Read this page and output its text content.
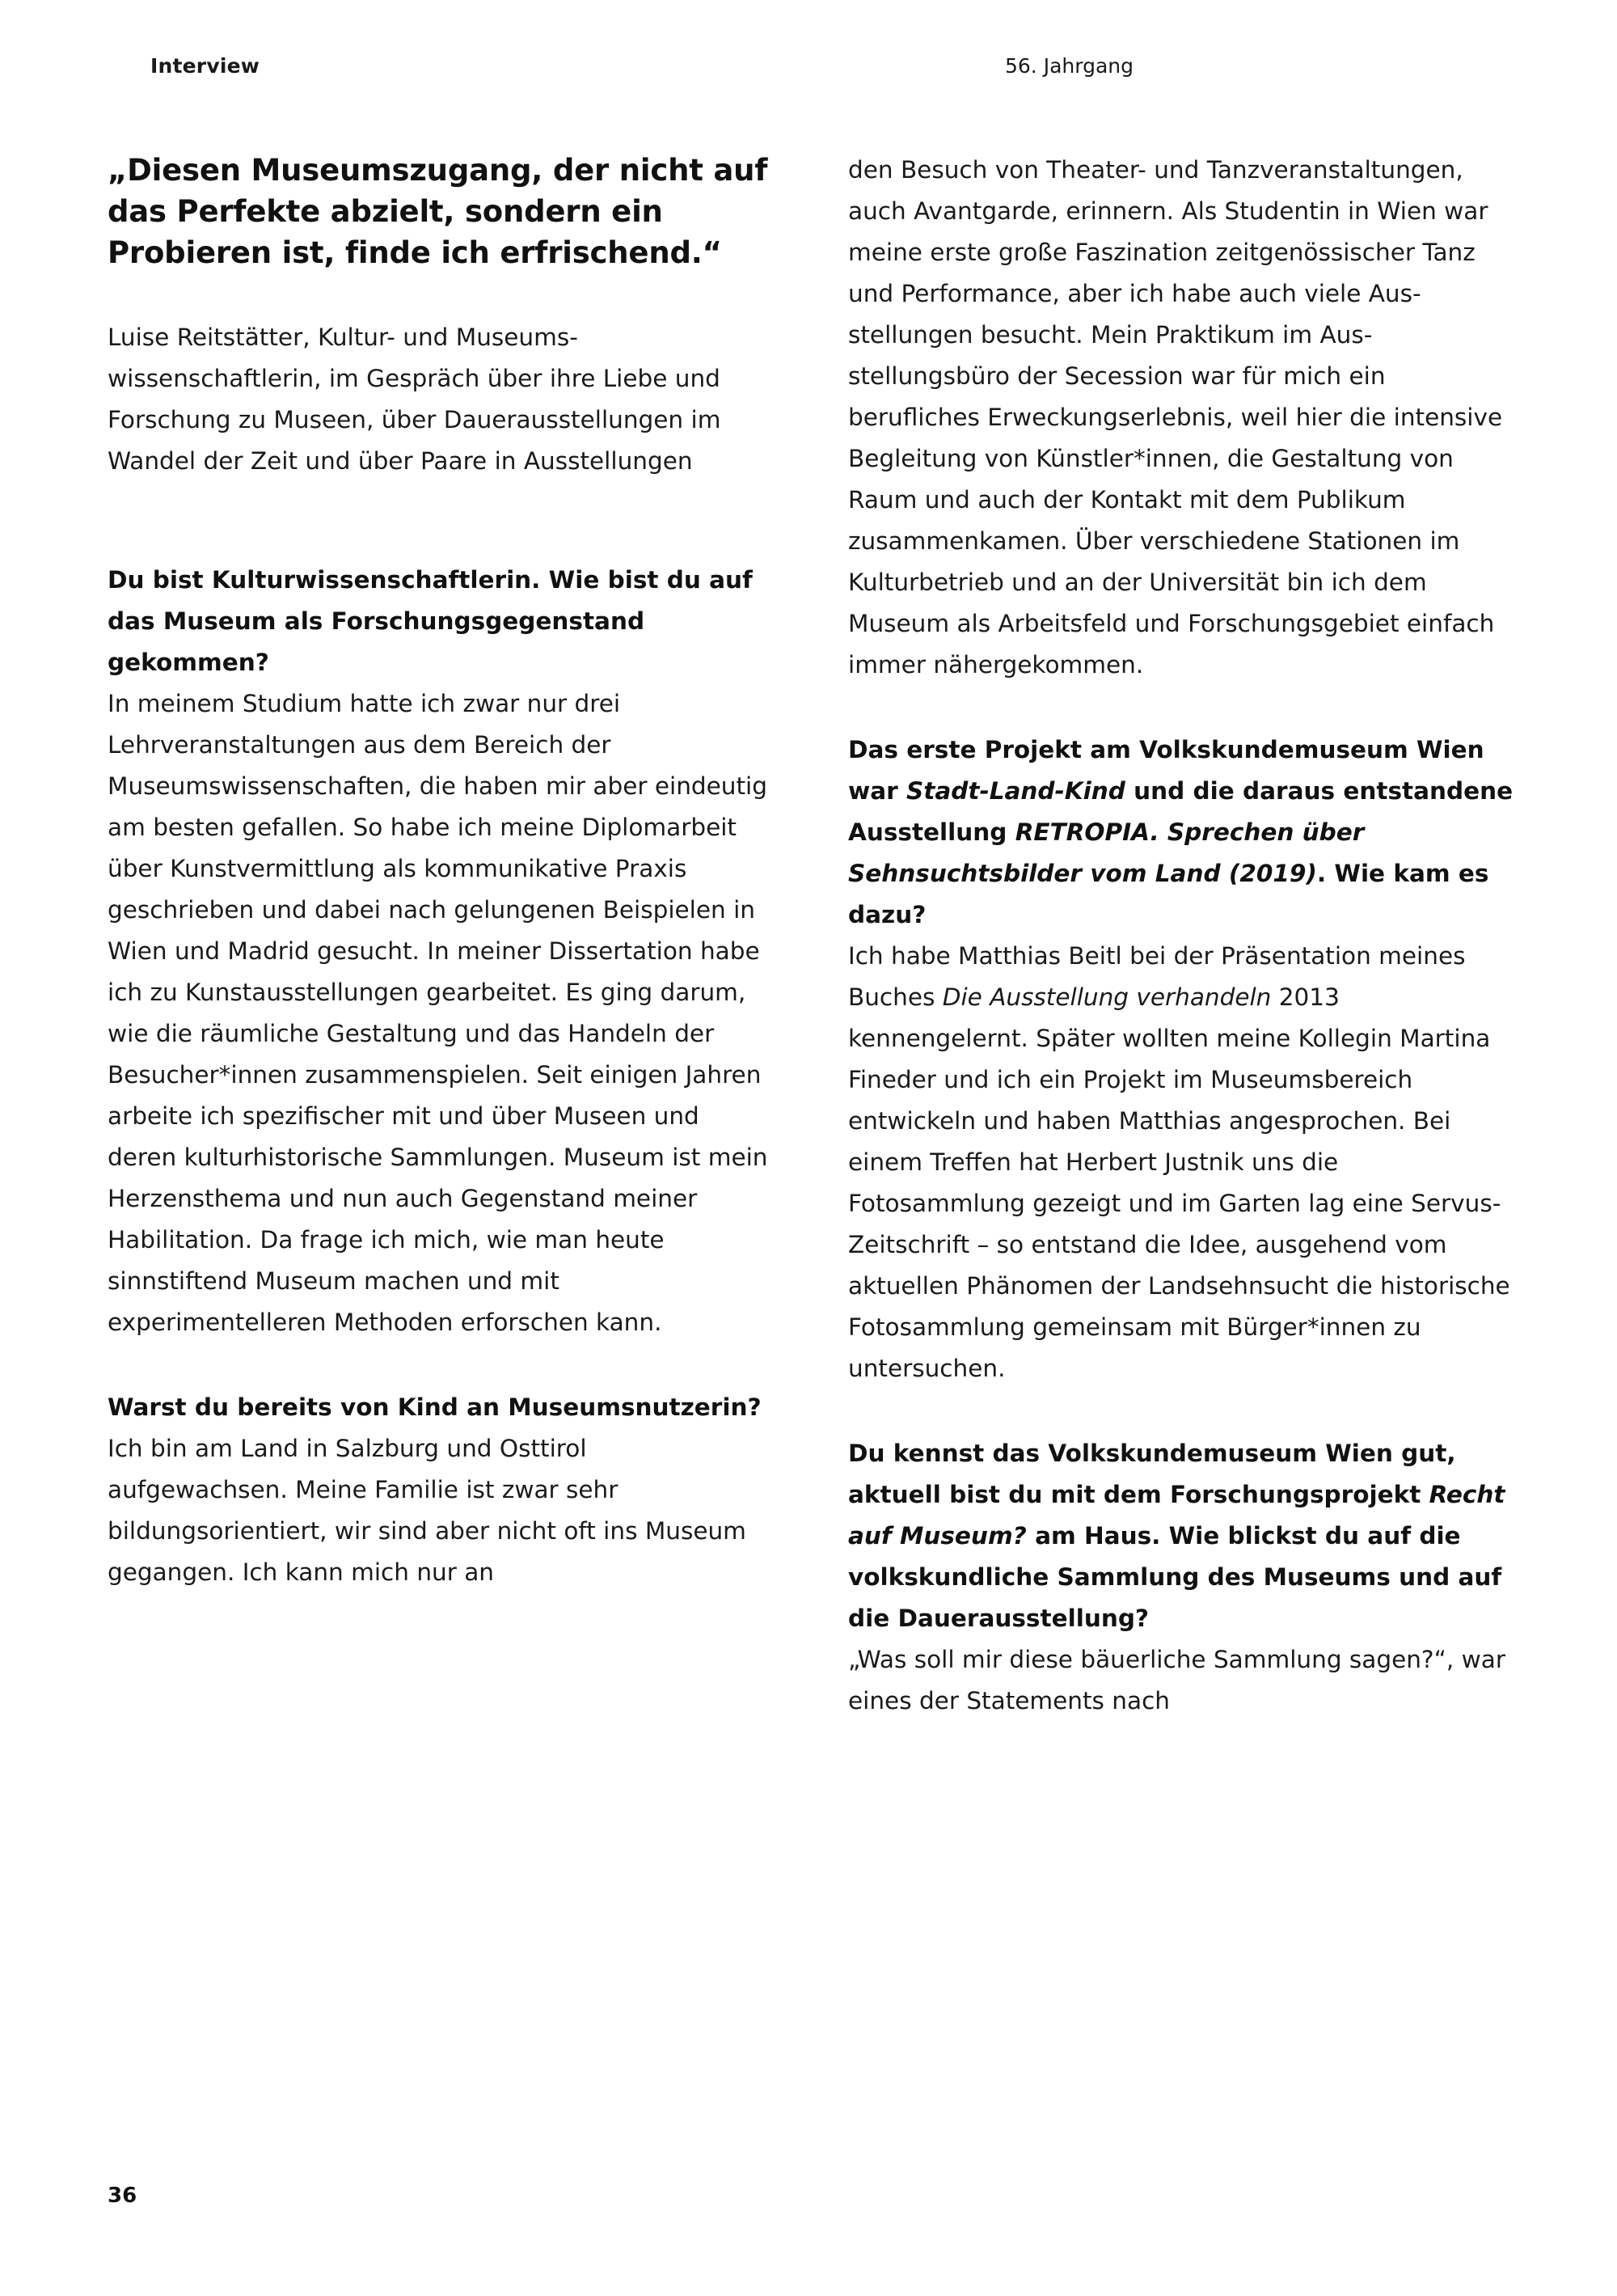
Interview	56. Jahrgang

„Diesen Museumszugang, der nicht auf das Perfekte abzielt, sondern ein Probieren ist, finde ich erfrischend.“

Luise Reitstätter, Kultur- und Museumswissenschaftlerin, im Gespräch über ihre Liebe und Forschung zu Museen, über Dauerausstellungen im Wandel der Zeit und über Paare in Ausstellungen

Du bist Kulturwissenschaftlerin. Wie bist du auf das Museum als Forschungsgegenstand gekommen?

In meinem Studium hatte ich zwar nur drei Lehrveranstaltungen aus dem Bereich der Museumswissenschaften, die haben mir aber eindeutig am besten gefallen. So habe ich meine Diplomarbeit über Kunstvermittlung als kommunikative Praxis geschrieben und dabei nach gelungenen Beispielen in Wien und Madrid gesucht. In meiner Dissertation habe ich zu Kunstausstellungen gearbeitet. Es ging darum, wie die räumliche Gestaltung und das Handeln der Besucher*innen zusammenspielen. Seit einigen Jahren arbeite ich spezifischer mit und über Museen und deren kulturhistorische Sammlungen. Museum ist mein Herzensthema und nun auch Gegenstand meiner Habilitation. Da frage ich mich, wie man heute sinnstiftend Museum machen und mit experimentelleren Methoden erforschen kann.

Warst du bereits von Kind an Museumsnutzerin?

Ich bin am Land in Salzburg und Osttirol aufgewachsen. Meine Familie ist zwar sehr bildungsorientiert, wir sind aber nicht oft ins Museum gegangen. Ich kann mich nur an

den Besuch von Theater- und Tanzveranstaltungen, auch Avantgarde, erinnern. Als Studentin in Wien war meine erste große Faszination zeitgenössischer Tanz und Performance, aber ich habe auch viele Ausstellungen besucht. Mein Praktikum im Ausstellungsbüro der Secession war für mich ein berufliches Erweckungserlebnis, weil hier die intensive Begleitung von Künstler*innen, die Gestaltung von Raum und auch der Kontakt mit dem Publikum zusammenkamen. Über verschiedene Stationen im Kulturbetrieb und an der Universität bin ich dem Museum als Arbeitsfeld und Forschungsgebiet einfach immer nähergekommen.

Das erste Projekt am Volkskundemuseum Wien war Stadt-Land-Kind und die daraus entstandene Ausstellung RETROPIA. Sprechen über Sehnsuchtsbilder vom Land (2019). Wie kam es dazu?

Ich habe Matthias Beitl bei der Präsentation meines Buches Die Ausstellung verhandeln 2013 kennengelernt. Später wollten meine Kollegin Martina Fineder und ich ein Projekt im Museumsbereich entwickeln und haben Matthias angesprochen. Bei einem Treffen hat Herbert Justnik uns die Fotosammlung gezeigt und im Garten lag eine Servus-Zeitschrift – so entstand die Idee, ausgehend vom aktuellen Phänomen der Landsehnsucht die historische Fotosammlung gemeinsam mit Bürger*innen zu untersuchen.

Du kennst das Volkskundemuseum Wien gut, aktuell bist du mit dem Forschungsprojekt Recht auf Museum? am Haus. Wie blickst du auf die volkskundliche Sammlung des Museums und auf die Dauerausstellung?

„Was soll mir diese bäuerliche Sammlung sagen?“, war eines der Statements nach

36
